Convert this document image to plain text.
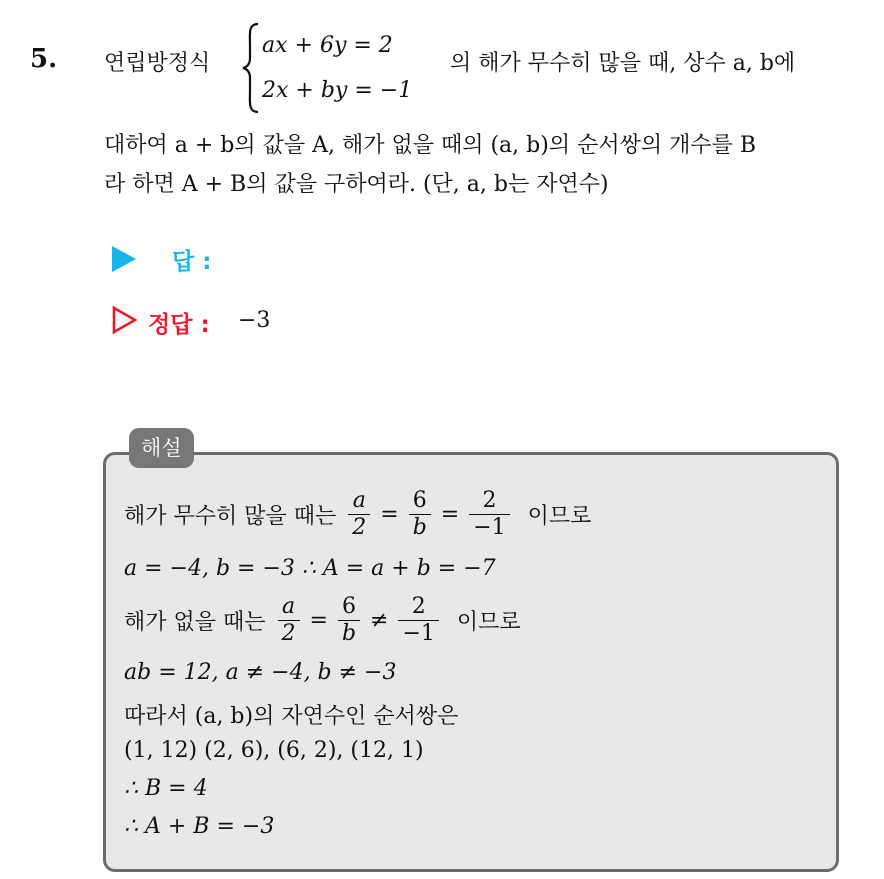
5. 연립방정식
ax + 6y = 2
2x + by = −1
의 해가 무수히 많을 때, 상수 a, b에
대하여 a + b의 값을 A, 해가 없을 때의 (a, b)의 순서쌍의 개수를 B
라 하면 A + B의 값을 구하여라. (단, a, b는 자연수)
답 :
정답 : −3
해설
해가 무수히 많을 때는 $\frac{a}{2} = \frac{6}{b} = \frac{2}{-1}$ 이므로
a = −4, b = −3 ∴ A = a + b = −7
해가 없을 때는 $\frac{a}{2} = \frac{6}{b} \ne \frac{2}{-1}$ 이므로
ab = 12, a ≠ −4, b ≠ −3
따라서 (a, b)의 자연수인 순서쌍은
(1, 12) (2, 6), (6, 2), (12, 1)
∴ B = 4
∴ A + B = −3
